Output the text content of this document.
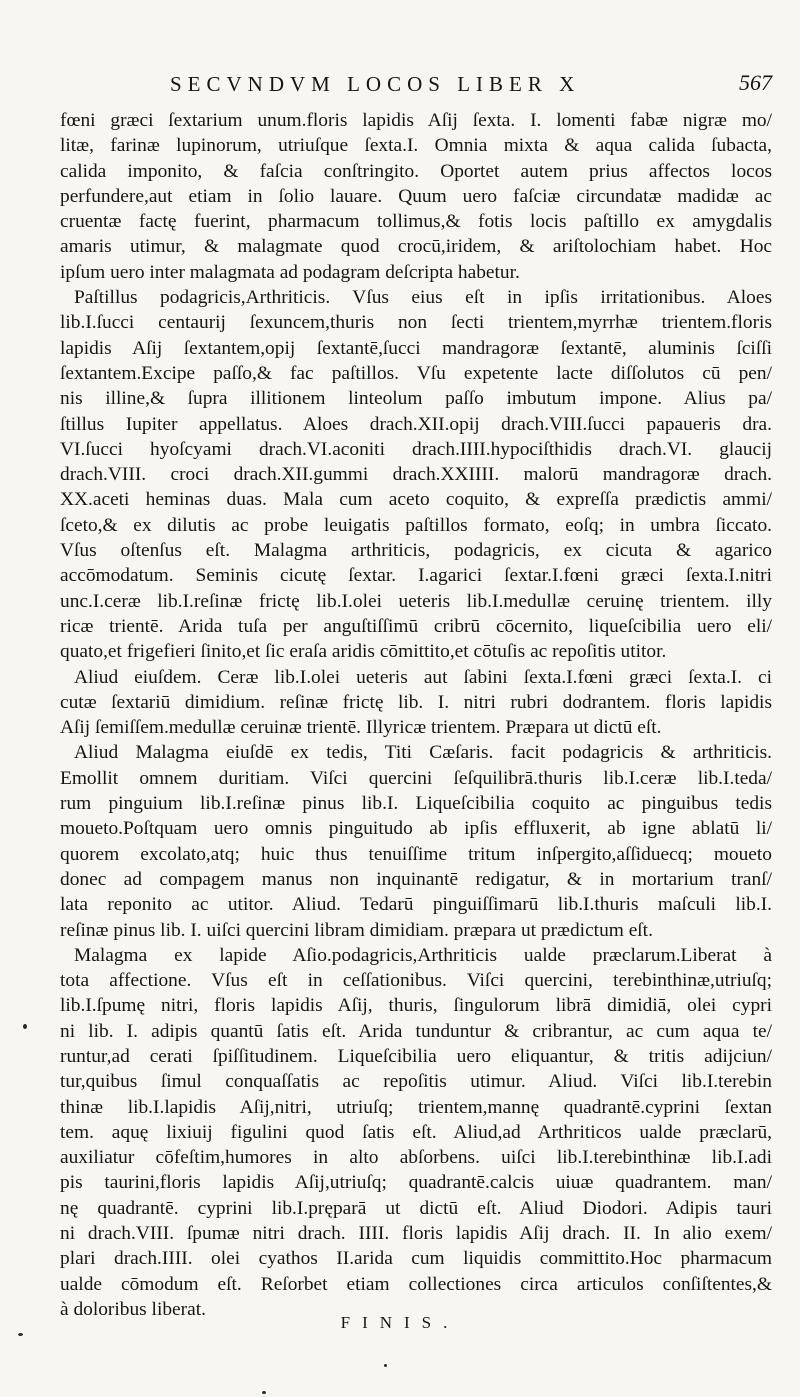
SECVNDVM LOCOS LIBER X	567
fœni græci ſextarium unum.floris lapidis Aſij ſexta. I. lomenti fabæ nigræ mo/
litæ, farinæ lupinorum, utriuſque ſexta.I. Omnia mixta & aqua calida ſubacta,
calida imponito, & faſcia conſtringito. Oportet autem prius affectos locos
perfundere,aut etiam in ſolio lauare. Quum uero faſciæ circundatæ madidæ ac
cruentæ factę fuerint, pharmacum tollimus,& fotis locis paſtillo ex amygdalis
amaris utimur, & malagmate quod crocū,iridem, & ariſtolochiam habet. Hoc
ipſum uero inter malagmata ad podagram deſcripta habetur.
Paſtillus podagricis,Arthriticis. Vſus eius eſt in ipſis irritationibus. Aloes
lib.I.ſucci centaurij ſexuncem,thuris non ſecti trientem,myrrhæ trientem.floris
lapidis Aſij ſextantem,opij ſextantē,ſucci mandragoræ ſextantē, aluminis ſciſſi
ſextantem.Excipe paſſo,& fac paſtillos. Vſu expetente lacte diſſolutos cū pen/
nis illine,& ſupra illitionem linteolum paſſo imbutum impone. Alius pa/
ſtillus Iupiter appellatus. Aloes drach.XII.opij drach.VIII.ſucci papaueris dra.
VI.ſucci hyoſcyami drach.VI.aconiti drach.IIII.hypociſthidis drach.VI. glaucij
drach.VIII. croci drach.XII.gummi drach.XXIIII. malorū mandragoræ drach.
XX.aceti heminas duas. Mala cum aceto coquito, & expreſſa prædictis ammi/
ſceto,& ex dilutis ac probe leuigatis paſtillos formato, eoſq; in umbra ſiccato.
Vſus oſtenſus eſt. Malagma arthriticis, podagricis, ex cicuta & agarico
accōmodatum. Seminis cicutę ſextar. I.agarici ſextar.I.fœni græci ſexta.I.nitri
unc.I.ceræ lib.I.reſinæ frictę lib.I.olei ueteris lib.I.medullæ ceruinę trientem. illy
ricæ trientē. Arida tuſa per anguſtiſſimū cribrū cōcernito, liqueſcibilia uero eli/
quato,et frigefieri ſinito,et ſic eraſa aridis cōmittito,et cōtuſis ac repoſitis utitor.
Aliud eiuſdem. Ceræ lib.I.olei ueteris aut ſabini ſexta.I.fœni græci ſexta.I. ci
cutæ ſextariū dimidium. reſinæ frictę lib. I. nitri rubri dodrantem. floris lapidis
Aſij ſemiſſem.medullæ ceruinæ trientē. Illyricæ trientem. Præpara ut dictū eſt.
Aliud Malagma eiuſdē ex tedis, Titi Cæſaris. facit podagricis & arthriticis.
Emollit omnem duritiam. Viſci quercini ſeſquilibrā.thuris lib.I.ceræ lib.I.teda/
rum pinguium lib.I.reſinæ pinus lib.I. Liqueſcibilia coquito ac pinguibus tedis
moueto.Poſtquam uero omnis pinguitudo ab ipſis effluxerit, ab igne ablatū li/
quorem excolato,atq; huic thus tenuiſſime tritum inſpergito,aſſiduecq; moueto
donec ad compagem manus non inquinantē redigatur, & in mortarium tranſ/
lata reponito ac utitor. Aliud. Tedarū pinguiſſimarū lib.I.thuris maſculi lib.I.
reſinæ pinus lib. I. uiſci quercini libram dimidiam. præpara ut prædictum eſt.
Malagma ex lapide Aſio.podagricis,Arthriticis ualde præclarum.Liberat à
tota affectione. Vſus eſt in ceſſationibus. Viſci quercini, terebinthinæ,utriuſq;
lib.I.ſpumę nitri, floris lapidis Aſij, thuris, ſingulorum librā dimidiā, olei cypri
ni lib. I. adipis quantū ſatis eſt. Arida tunduntur & cribrantur, ac cum aqua te/
runtur,ad cerati ſpiſſitudinem. Liqueſcibilia uero eliquantur, & tritis adijciun/
tur,quibus ſimul conquaſſatis ac repoſitis utimur. Aliud. Viſci lib.I.terebin
thinæ lib.I.lapidis Aſij,nitri, utriuſq; trientem,mannę quadrantē.cyprini ſextan
tem. aquę lixiuij figulini quod ſatis eſt. Aliud,ad Arthriticos ualde præclarū,
auxiliatur cōfeſtim,humores in alto abſorbens. uiſci lib.I.terebinthinæ lib.I.adi
pis taurini,floris lapidis Aſij,utriuſq; quadrantē.calcis uiuæ quadrantem. man/
nę quadrantē. cyprini lib.I.pręparā ut dictū eſt. Aliud Diodori. Adipis tauri
ni drach.VIII. ſpumæ nitri drach. IIII. floris lapidis Aſij drach. II. In alio exem/
plari drach.IIII. olei cyathos II.arida cum liquidis committito.Hoc pharmacum
ualde cōmodum eſt. Reſorbet etiam collectiones circa articulos conſiſtentes,&
à doloribus liberat.
FINIS.
